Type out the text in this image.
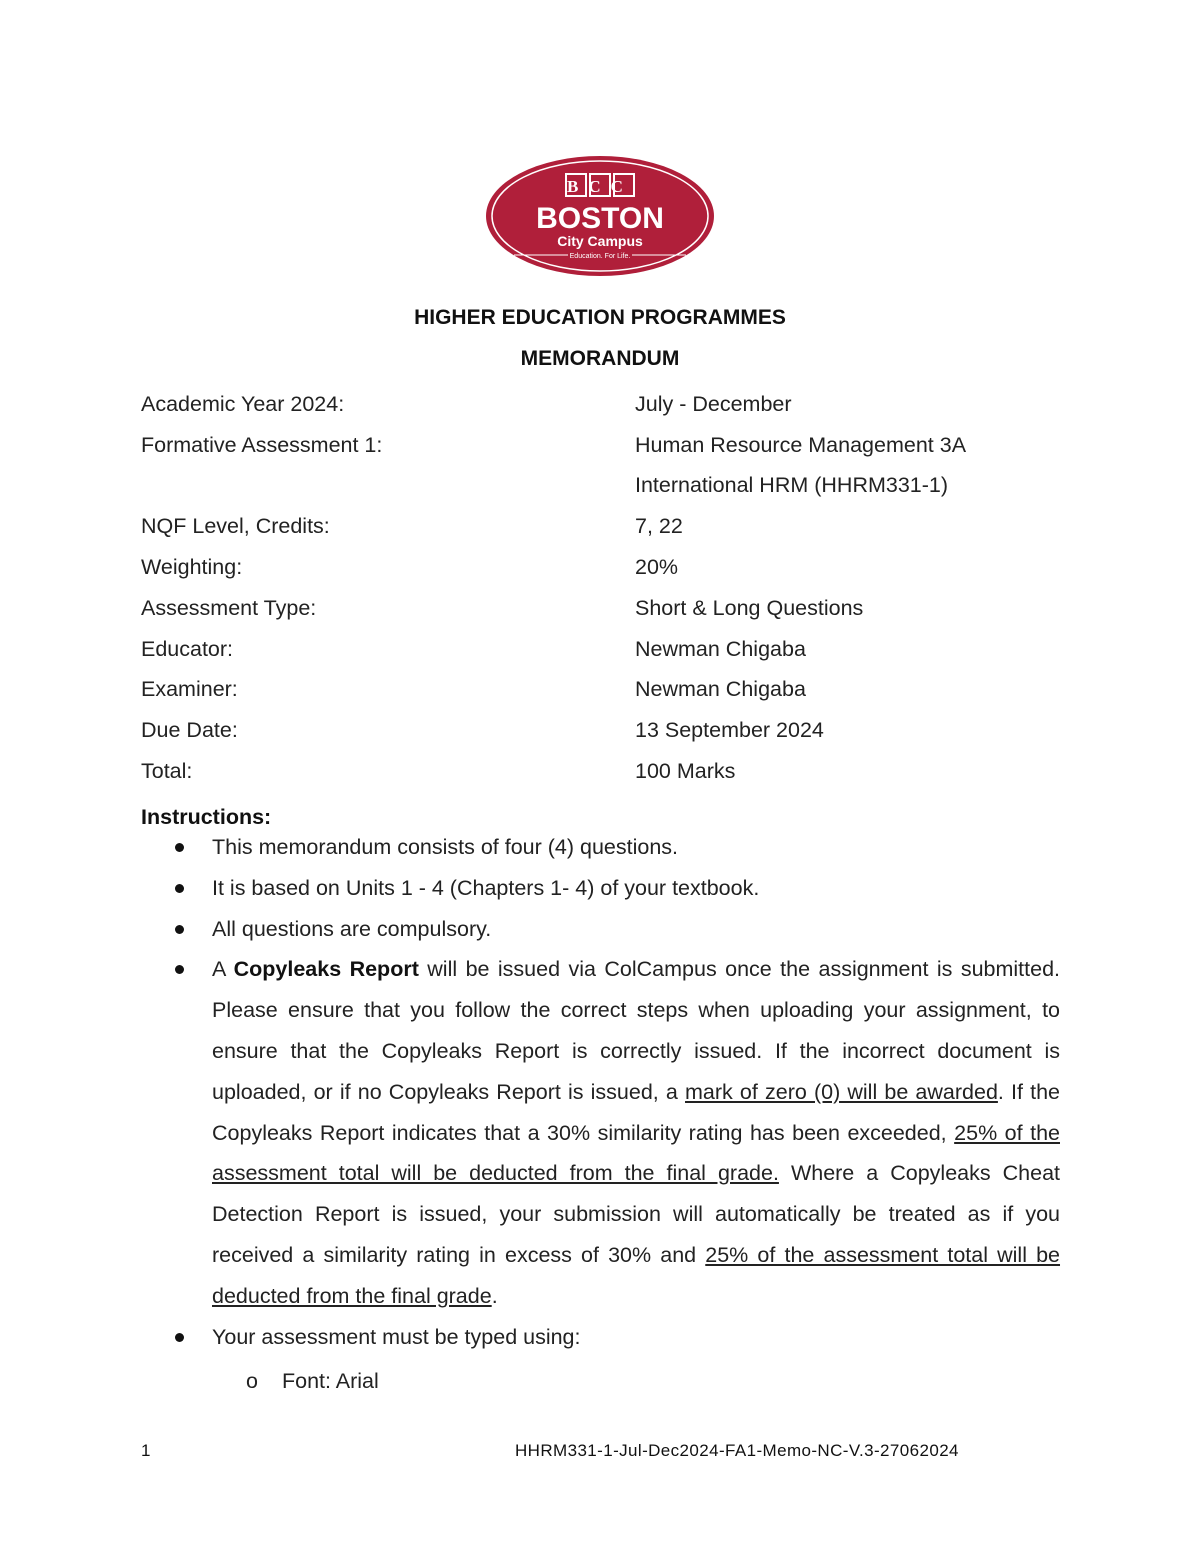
BCC
BOSTON
City Campus
Education. For Life.
HIGHER EDUCATION PROGRAMMES
MEMORANDUM
Academic Year 2024:	July - December
Formative Assessment 1:	Human Resource Management 3A
International HRM (HHRM331-1)
NQF Level, Credits:	7, 22
Weighting:	20%
Assessment Type:	Short & Long Questions
Educator:	Newman Chigaba
Examiner:	Newman Chigaba
Due Date:	13 September 2024
Total:	100 Marks
Instructions:
This memorandum consists of four (4) questions.
It is based on Units 1 - 4 (Chapters 1- 4) of your textbook.
All questions are compulsory.
A Copyleaks Report will be issued via ColCampus once the assignment is submitted. Please ensure that you follow the correct steps when uploading your assignment, to ensure that the Copyleaks Report is correctly issued. If the incorrect document is uploaded, or if no Copyleaks Report is issued, a mark of zero (0) will be awarded. If the Copyleaks Report indicates that a 30% similarity rating has been exceeded, 25% of the assessment total will be deducted from the final grade. Where a Copyleaks Cheat Detection Report is issued, your submission will automatically be treated as if you received a similarity rating in excess of 30% and 25% of the assessment total will be deducted from the final grade.
Your assessment must be typed using:
o Font: Arial
1	HHRM331-1-Jul-Dec2024-FA1-Memo-NC-V.3-27062024
